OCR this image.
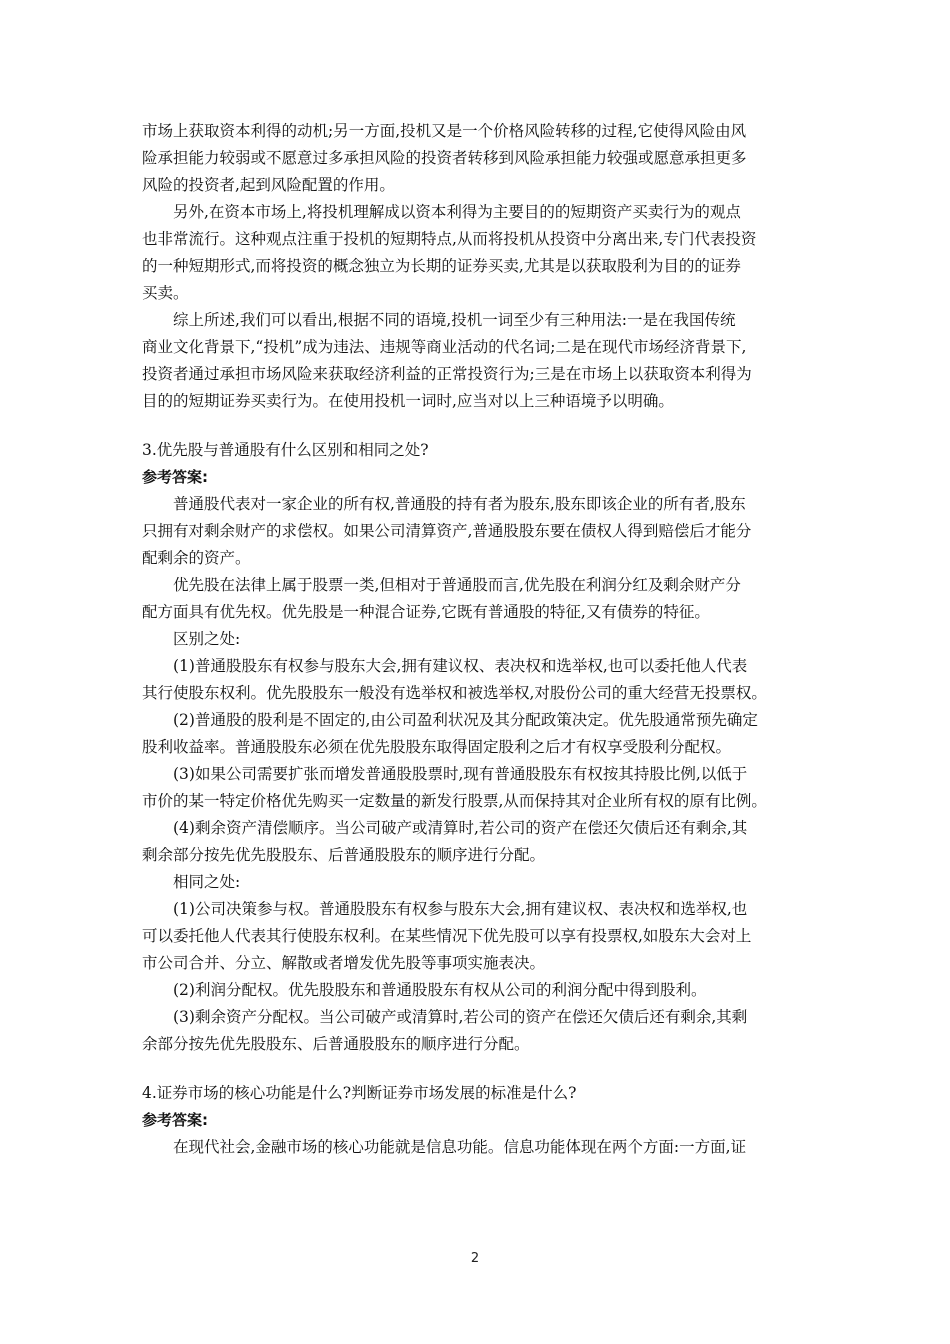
市场上获取资本利得的动机;另一方面,投机又是一个价格风险转移的过程,它使得风险由风
险承担能力较弱或不愿意过多承担风险的投资者转移到风险承担能力较强或愿意承担更多
风险的投资者,起到风险配置的作用。
另外,在资本市场上,将投机理解成以资本利得为主要目的的短期资产买卖行为的观点
也非常流行。这种观点注重于投机的短期特点,从而将投机从投资中分离出来,专门代表投资
的一种短期形式,而将投资的概念独立为长期的证券买卖,尤其是以获取股利为目的的证券
买卖。
综上所述,我们可以看出,根据不同的语境,投机一词至少有三种用法:一是在我国传统
商业文化背景下,“投机”成为违法、违规等商业活动的代名词;二是在现代市场经济背景下,
投资者通过承担市场风险来获取经济利益的正常投资行为;三是在市场上以获取资本利得为
目的的短期证券买卖行为。在使用投机一词时,应当对以上三种语境予以明确。
3.优先股与普通股有什么区别和相同之处?
参考答案:
普通股代表对一家企业的所有权,普通股的持有者为股东,股东即该企业的所有者,股东
只拥有对剩余财产的求偿权。如果公司清算资产,普通股股东要在债权人得到赔偿后才能分
配剩余的资产。
优先股在法律上属于股票一类,但相对于普通股而言,优先股在利润分红及剩余财产分
配方面具有优先权。优先股是一种混合证券,它既有普通股的特征,又有债券的特征。
区别之处:
(1)普通股股东有权参与股东大会,拥有建议权、表决权和选举权,也可以委托他人代表
其行使股东权利。优先股股东一般没有选举权和被选举权,对股份公司的重大经营无投票权。
(2)普通股的股利是不固定的,由公司盈利状况及其分配政策决定。优先股通常预先确定
股利收益率。普通股股东必须在优先股股东取得固定股利之后才有权享受股利分配权。
(3)如果公司需要扩张而增发普通股股票时,现有普通股股东有权按其持股比例,以低于
市价的某一特定价格优先购买一定数量的新发行股票,从而保持其对企业所有权的原有比例。
(4)剩余资产清偿顺序。当公司破产或清算时,若公司的资产在偿还欠债后还有剩余,其
剩余部分按先优先股股东、后普通股股东的顺序进行分配。
相同之处:
(1)公司决策参与权。普通股股东有权参与股东大会,拥有建议权、表决权和选举权,也
可以委托他人代表其行使股东权利。在某些情况下优先股可以享有投票权,如股东大会对上
市公司合并、分立、解散或者增发优先股等事项实施表决。
(2)利润分配权。优先股股东和普通股股东有权从公司的利润分配中得到股利。
(3)剩余资产分配权。当公司破产或清算时,若公司的资产在偿还欠债后还有剩余,其剩
余部分按先优先股股东、后普通股股东的顺序进行分配。
4.证券市场的核心功能是什么?判断证券市场发展的标准是什么?
参考答案:
在现代社会,金融市场的核心功能就是信息功能。信息功能体现在两个方面:一方面,证
2
